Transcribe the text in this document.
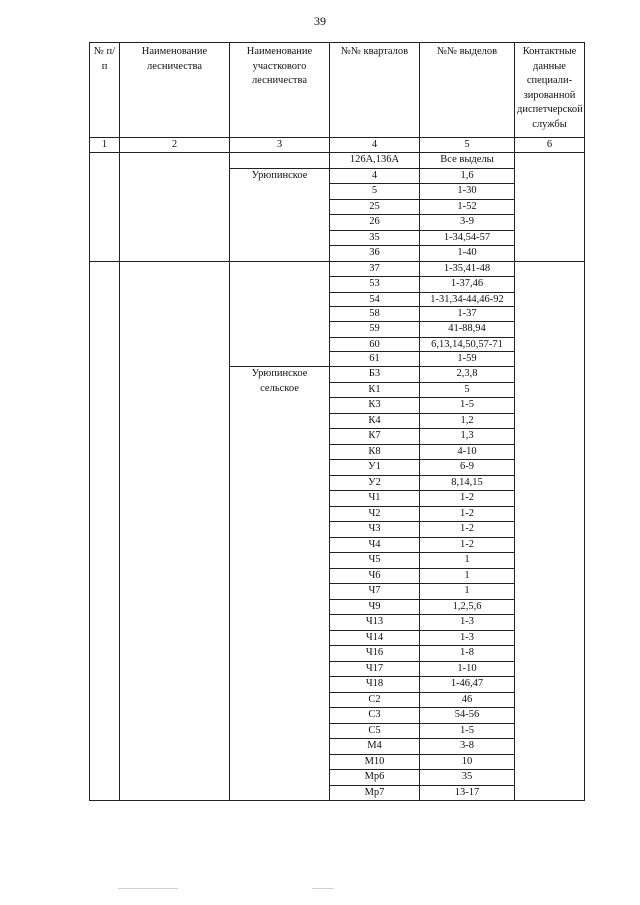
39
№ п/п	Наименование лесничества	Наименование участкового лесничества	№№ кварталов	№№ выделов	Контактные данные специали-зированной диспетчерской службы
1	2	3	4	5	6
			126А,136А	Все выделы	
		Урюпинское	4	1,6	
			5	1-30	
			25	1-52	
			26	3-9	
			35	1-34,54-57	
			36	1-40	
			37	1-35,41-48	
			53	1-37,46	
			54	1-31,34-44,46-92	
			58	1-37	
			59	41-88,94	
			60	6,13,14,50,57-71	
			61	1-59	
		Урюпинское сельское	Б3	2,3,8	
			К1	5	
			К3	1-5	
			К4	1,2	
			К7	1,3	
			К8	4-10	
			У1	6-9	
			У2	8,14,15	
			Ч1	1-2	
			Ч2	1-2	
			Ч3	1-2	
			Ч4	1-2	
			Ч5	1	
			Ч6	1	
			Ч7	1	
			Ч9	1,2,5,6	
			Ч13	1-3	
			Ч14	1-3	
			Ч16	1-8	
			Ч17	1-10	
			Ч18	1-46,47	
			С2	46	
			С3	54-56	
			С5	1-5	
			М4	3-8	
			М10	10	
			Мр6	35	
			Мр7	13-17	
